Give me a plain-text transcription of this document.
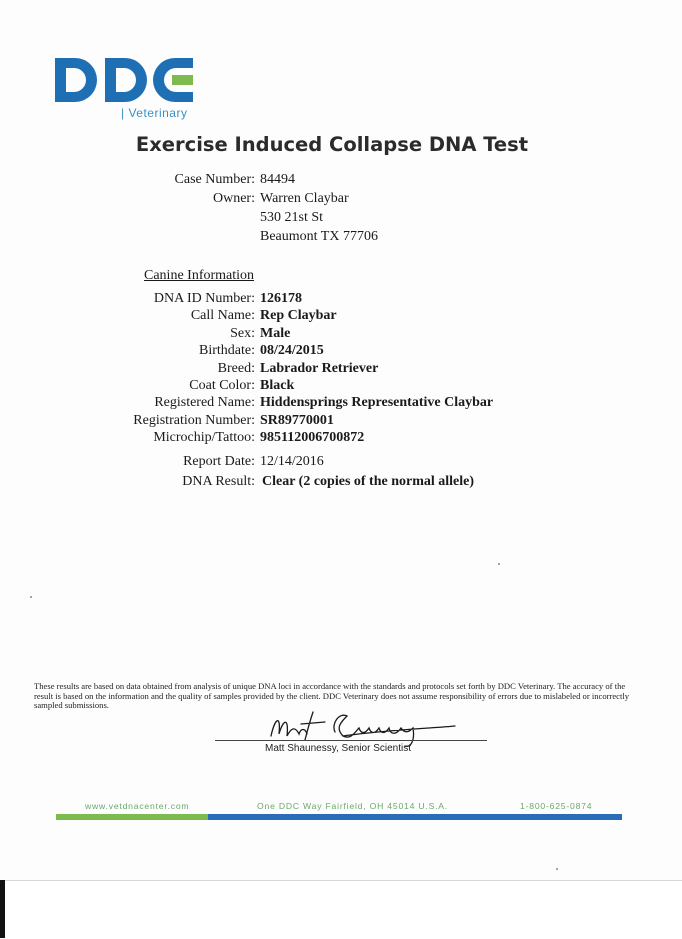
| Veterinary
Exercise Induced Collapse DNA Test
Case Number: 84494
Owner: Warren Claybar
530 21st St
Beaumont TX 77706
Canine Information
DNA ID Number: 126178
Call Name: Rep Claybar
Sex: Male
Birthdate: 08/24/2015
Breed: Labrador Retriever
Coat Color: Black
Registered Name: Hiddensprings Representative Claybar
Registration Number: SR89770001
Microchip/Tattoo: 985112006700872
Report Date: 12/14/2016
DNA Result: Clear (2 copies of the normal allele)
These results are based on data obtained from analysis of unique DNA loci in accordance with the standards and protocols set forth by DDC Veterinary. The accuracy of the result is based on the information and the quality of samples provided by the client. DDC Veterinary does not assume responsibility of errors due to mislabeled or incorrectly sampled submissions.
Matt Shaunessy, Senior Scientist
www.vetdnacenter.com	One DDC Way Fairfield, OH 45014 U.S.A.	1-800-625-0874
